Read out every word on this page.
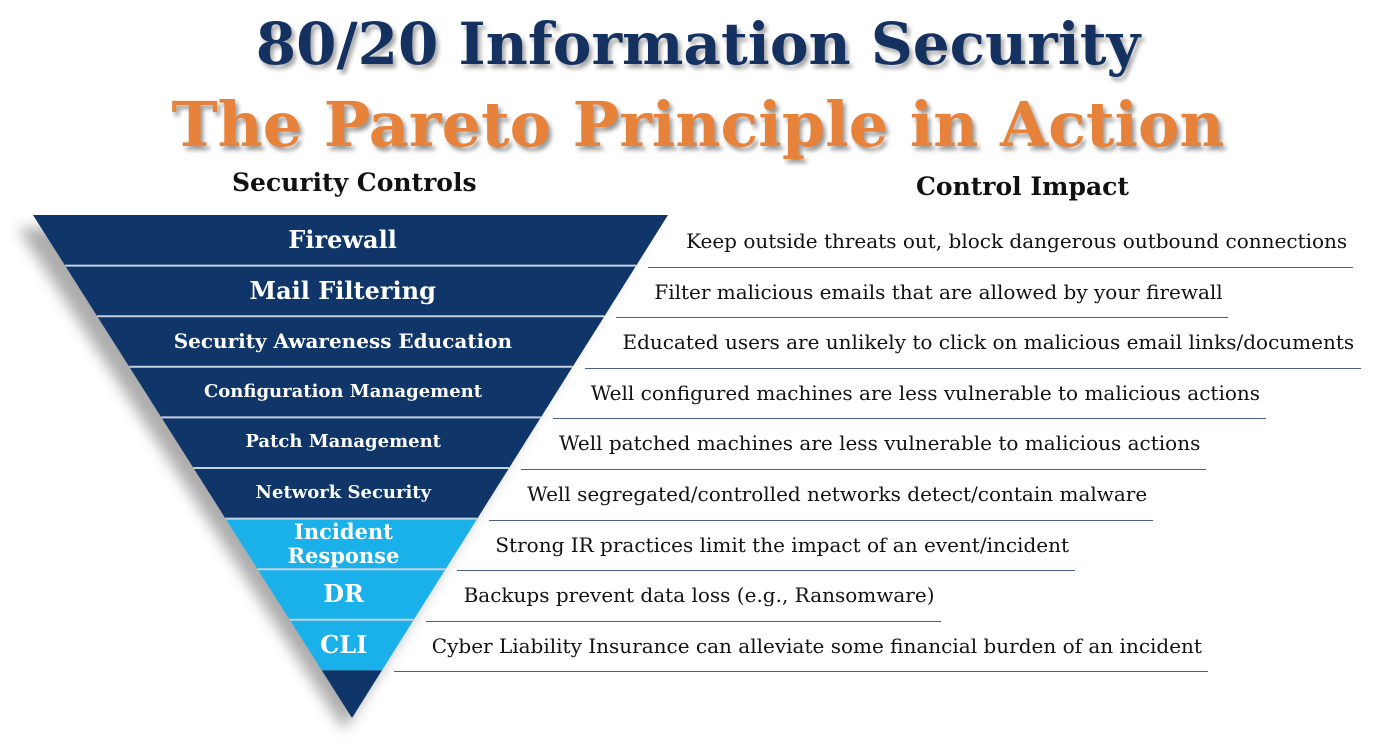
80/20 Information Security
The Pareto Principle in Action
Security Controls	Control Impact
Firewall	Keep outside threats out, block dangerous outbound connections
Mail Filtering	Filter malicious emails that are allowed by your firewall
Security Awareness Education	Educated users are unlikely to click on malicious email links/documents
Configuration Management	Well configured machines are less vulnerable to malicious actions
Patch Management	Well patched machines are less vulnerable to malicious actions
Network Security	Well segregated/controlled networks detect/contain malware
Incident
Response	Strong IR practices limit the impact of an event/incident
DR	Backups prevent data loss (e.g., Ransomware)
CLI	Cyber Liability Insurance can alleviate some financial burden of an incident
